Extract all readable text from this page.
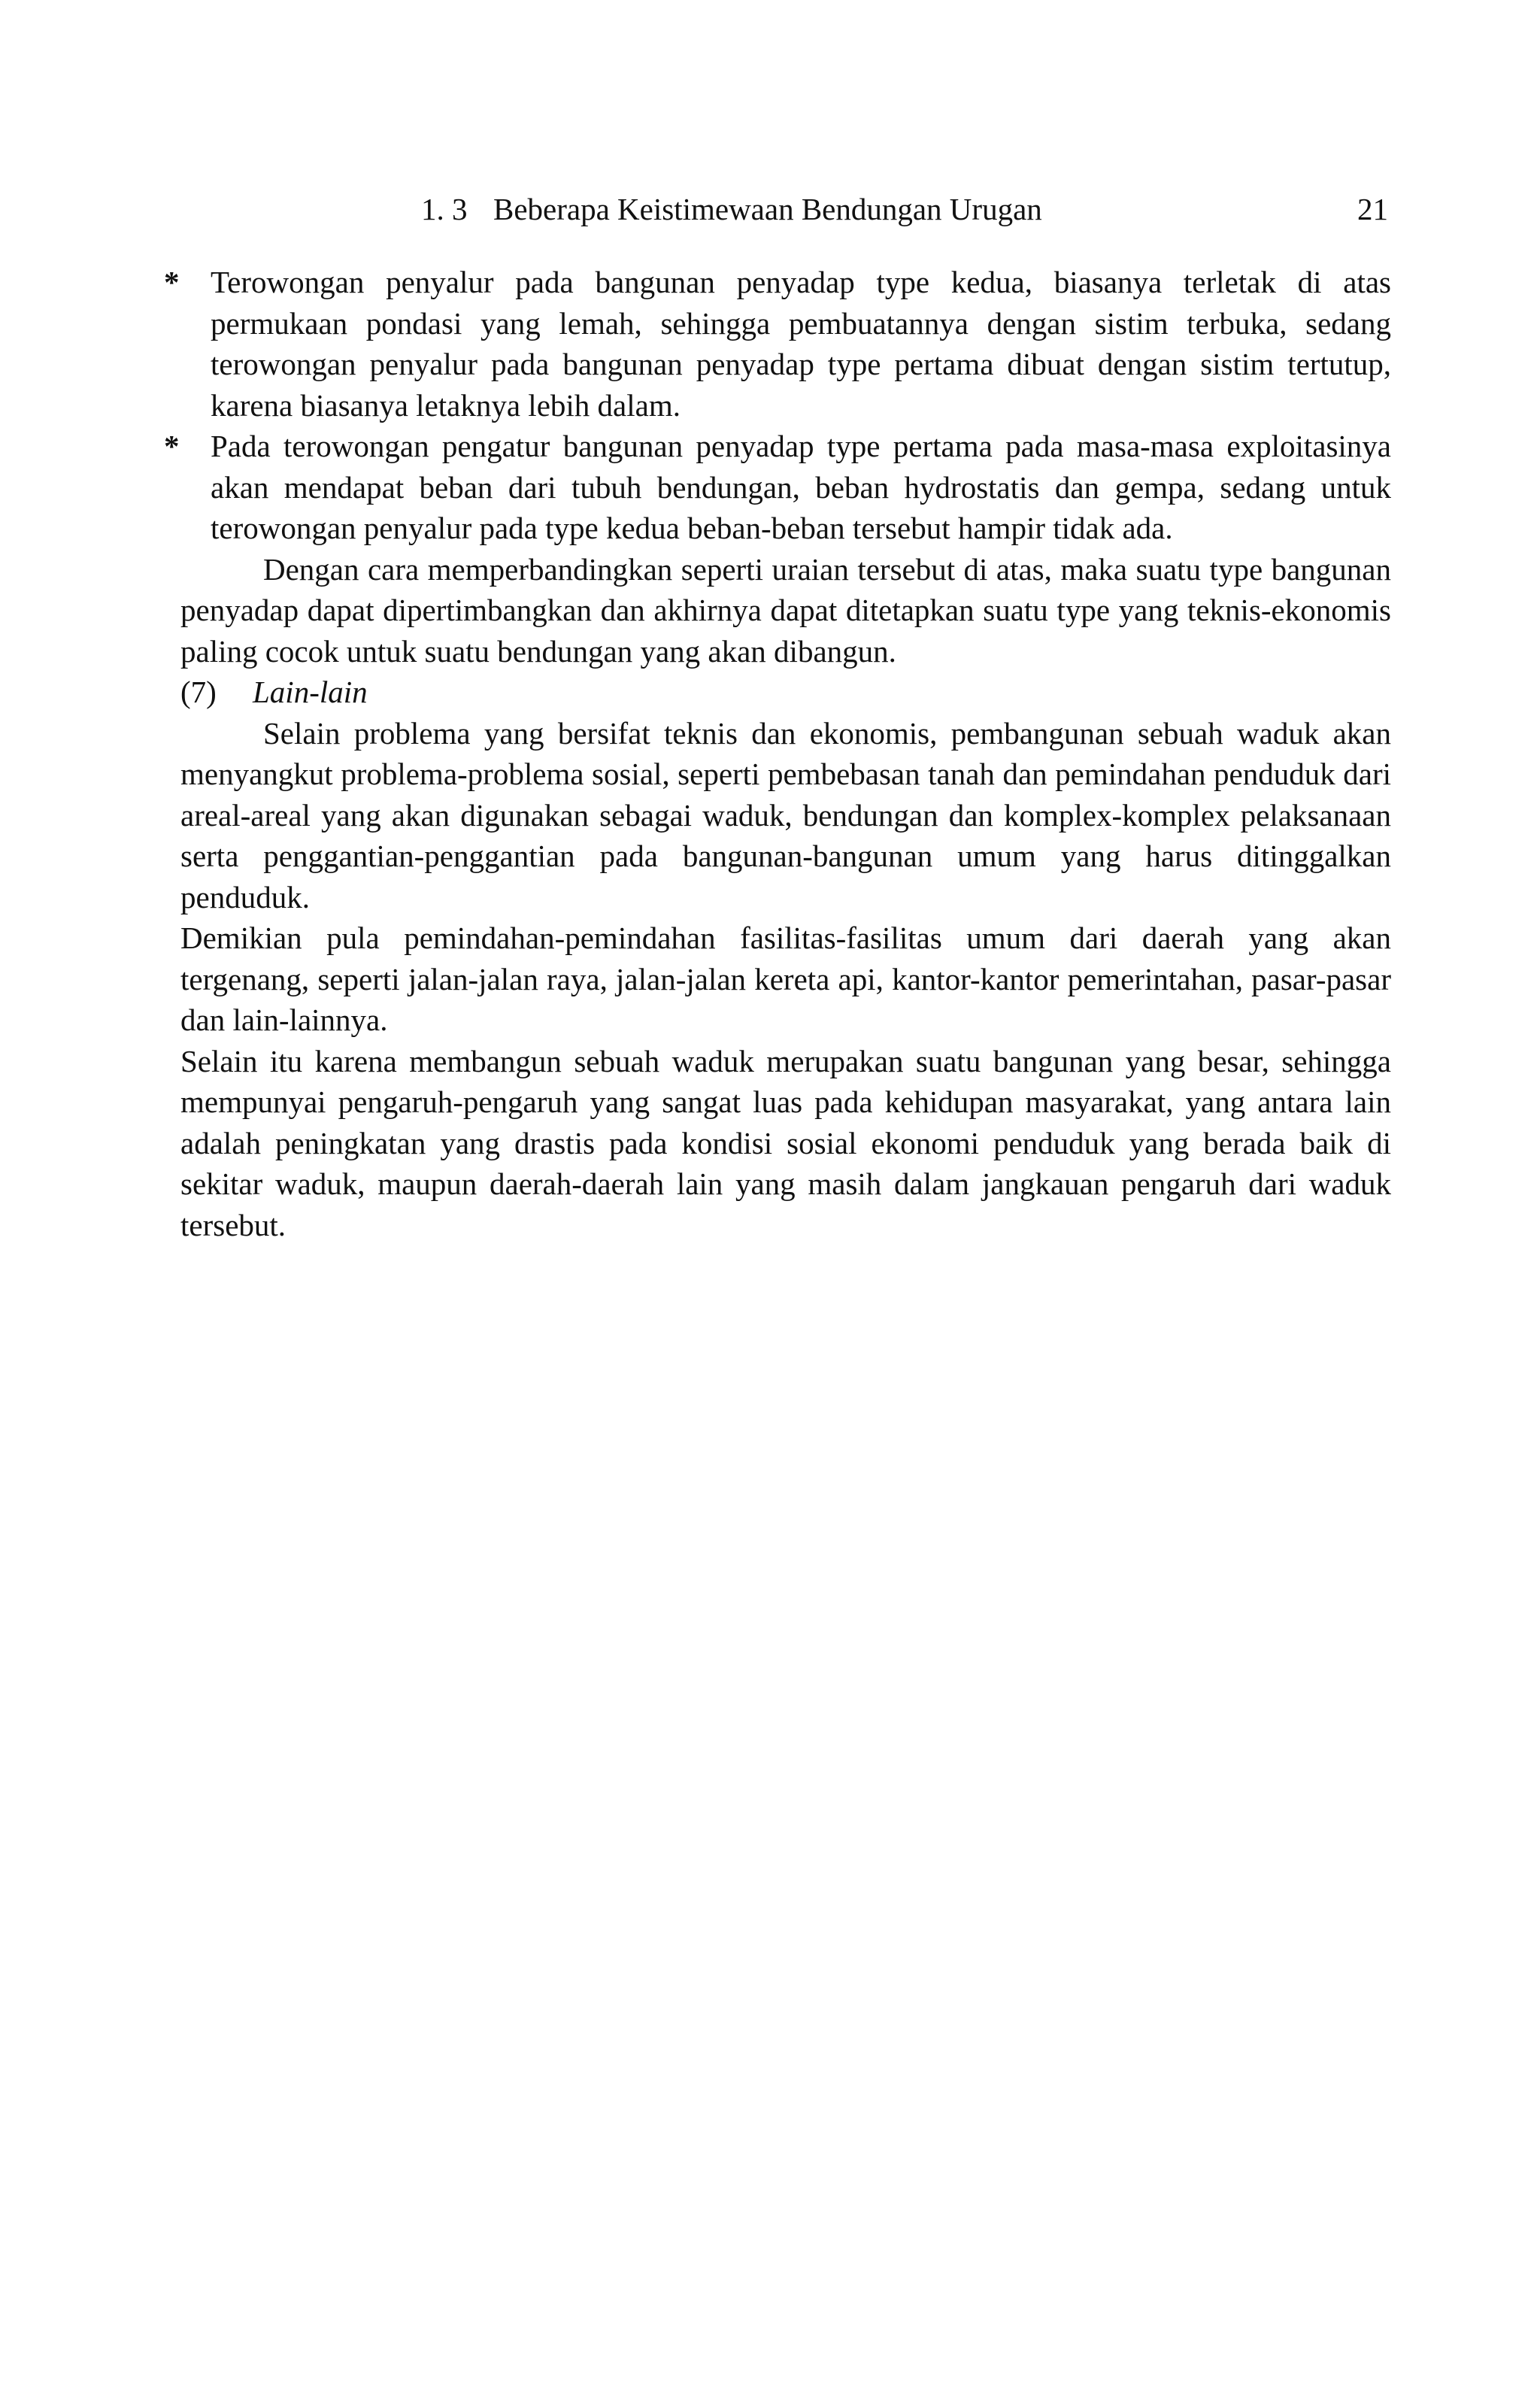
1. 3 Beberapa Keistimewaan Bendungan Urugan	21

* Terowongan penyalur pada bangunan penyadap type kedua, biasanya terletak di atas permukaan pondasi yang lemah, sehingga pembuatannya dengan sistim terbuka, sedang terowongan penyalur pada bangunan penyadap type pertama dibuat dengan sistim tertutup, karena biasanya letaknya lebih dalam.

* Pada terowongan pengatur bangunan penyadap type pertama pada masa-masa exploitasinya akan mendapat beban dari tubuh bendungan, beban hydrostatis dan gempa, sedang untuk terowongan penyalur pada type kedua beban-beban tersebut hampir tidak ada.

Dengan cara memperbandingkan seperti uraian tersebut di atas, maka suatu type bangunan penyadap dapat dipertimbangkan dan akhirnya dapat ditetapkan suatu type yang teknis-ekonomis paling cocok untuk suatu bendungan yang akan dibangun.

(7) Lain-lain

Selain problema yang bersifat teknis dan ekonomis, pembangunan sebuah waduk akan menyangkut problema-problema sosial, seperti pembebasan tanah dan pemindahan penduduk dari areal-areal yang akan digunakan sebagai waduk, bendungan dan komplex-komplex pelaksanaan serta penggantian-penggantian pada bangunan-bangunan umum yang harus ditinggalkan penduduk.

Demikian pula pemindahan-pemindahan fasilitas-fasilitas umum dari daerah yang akan tergenang, seperti jalan-jalan raya, jalan-jalan kereta api, kantor-kantor pemerintahan, pasar-pasar dan lain-lainnya.

Selain itu karena membangun sebuah waduk merupakan suatu bangunan yang besar, sehingga mempunyai pengaruh-pengaruh yang sangat luas pada kehidupan masyarakat, yang antara lain adalah peningkatan yang drastis pada kondisi sosial ekonomi penduduk yang berada baik di sekitar waduk, maupun daerah-daerah lain yang masih dalam jangkauan pengaruh dari waduk tersebut.
